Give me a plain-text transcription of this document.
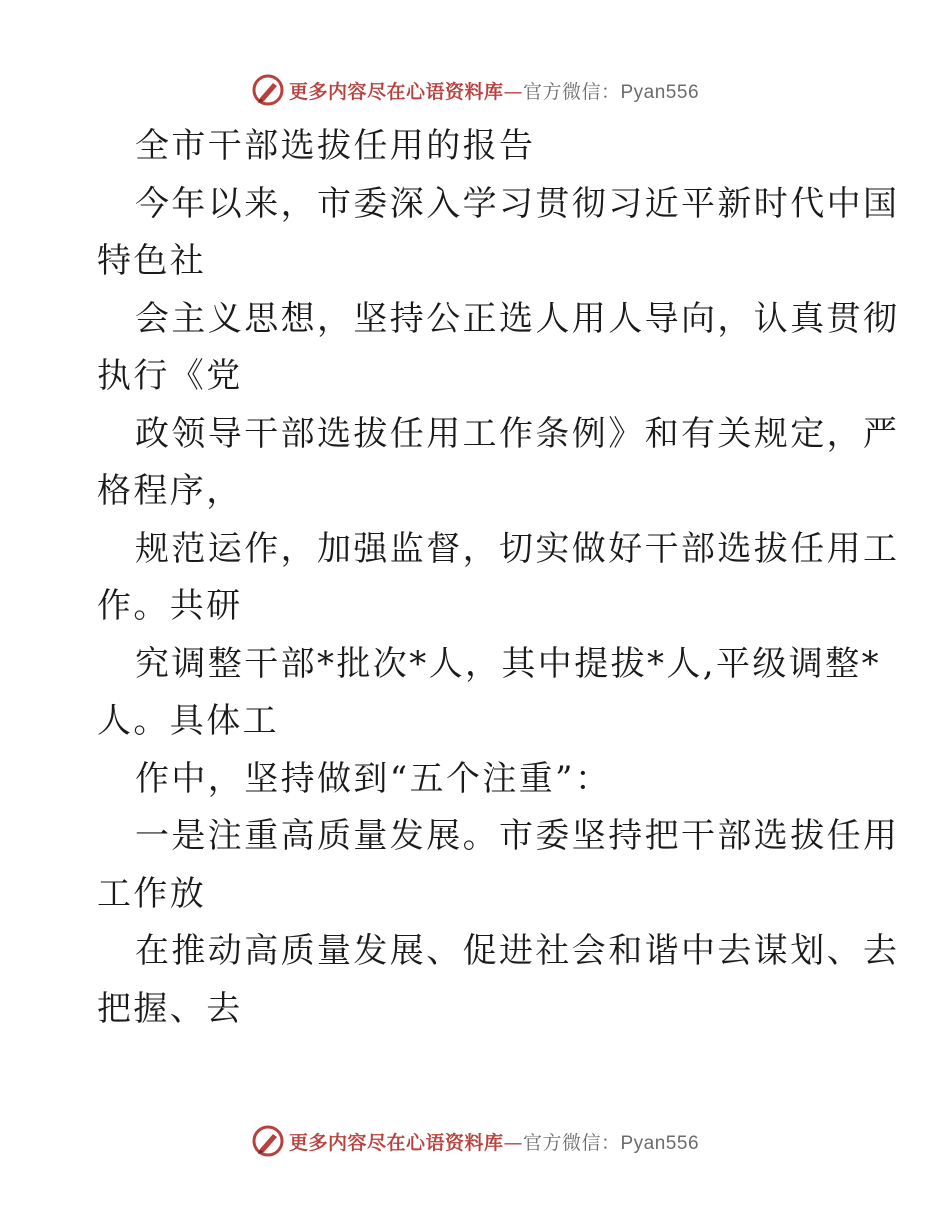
更多内容尽在心语资料库—官方微信：Pyan556
全市干部选拔任用的报告
今年以来，市委深入学习贯彻习近平新时代中国
特色社
会主义思想，坚持公正选人用人导向，认真贯彻
执行《党
政领导干部选拔任用工作条例》和有关规定，严
格程序，
规范运作，加强监督，切实做好干部选拔任用工
作。共研
究调整干部*批次*人，其中提拔*人,平级调整*
人。具体工
作中，坚持做到“五个注重”：
一是注重高质量发展。市委坚持把干部选拔任用
工作放
在推动高质量发展、促进社会和谐中去谋划、去
把握、去
更多内容尽在心语资料库—官方微信：Pyan556
